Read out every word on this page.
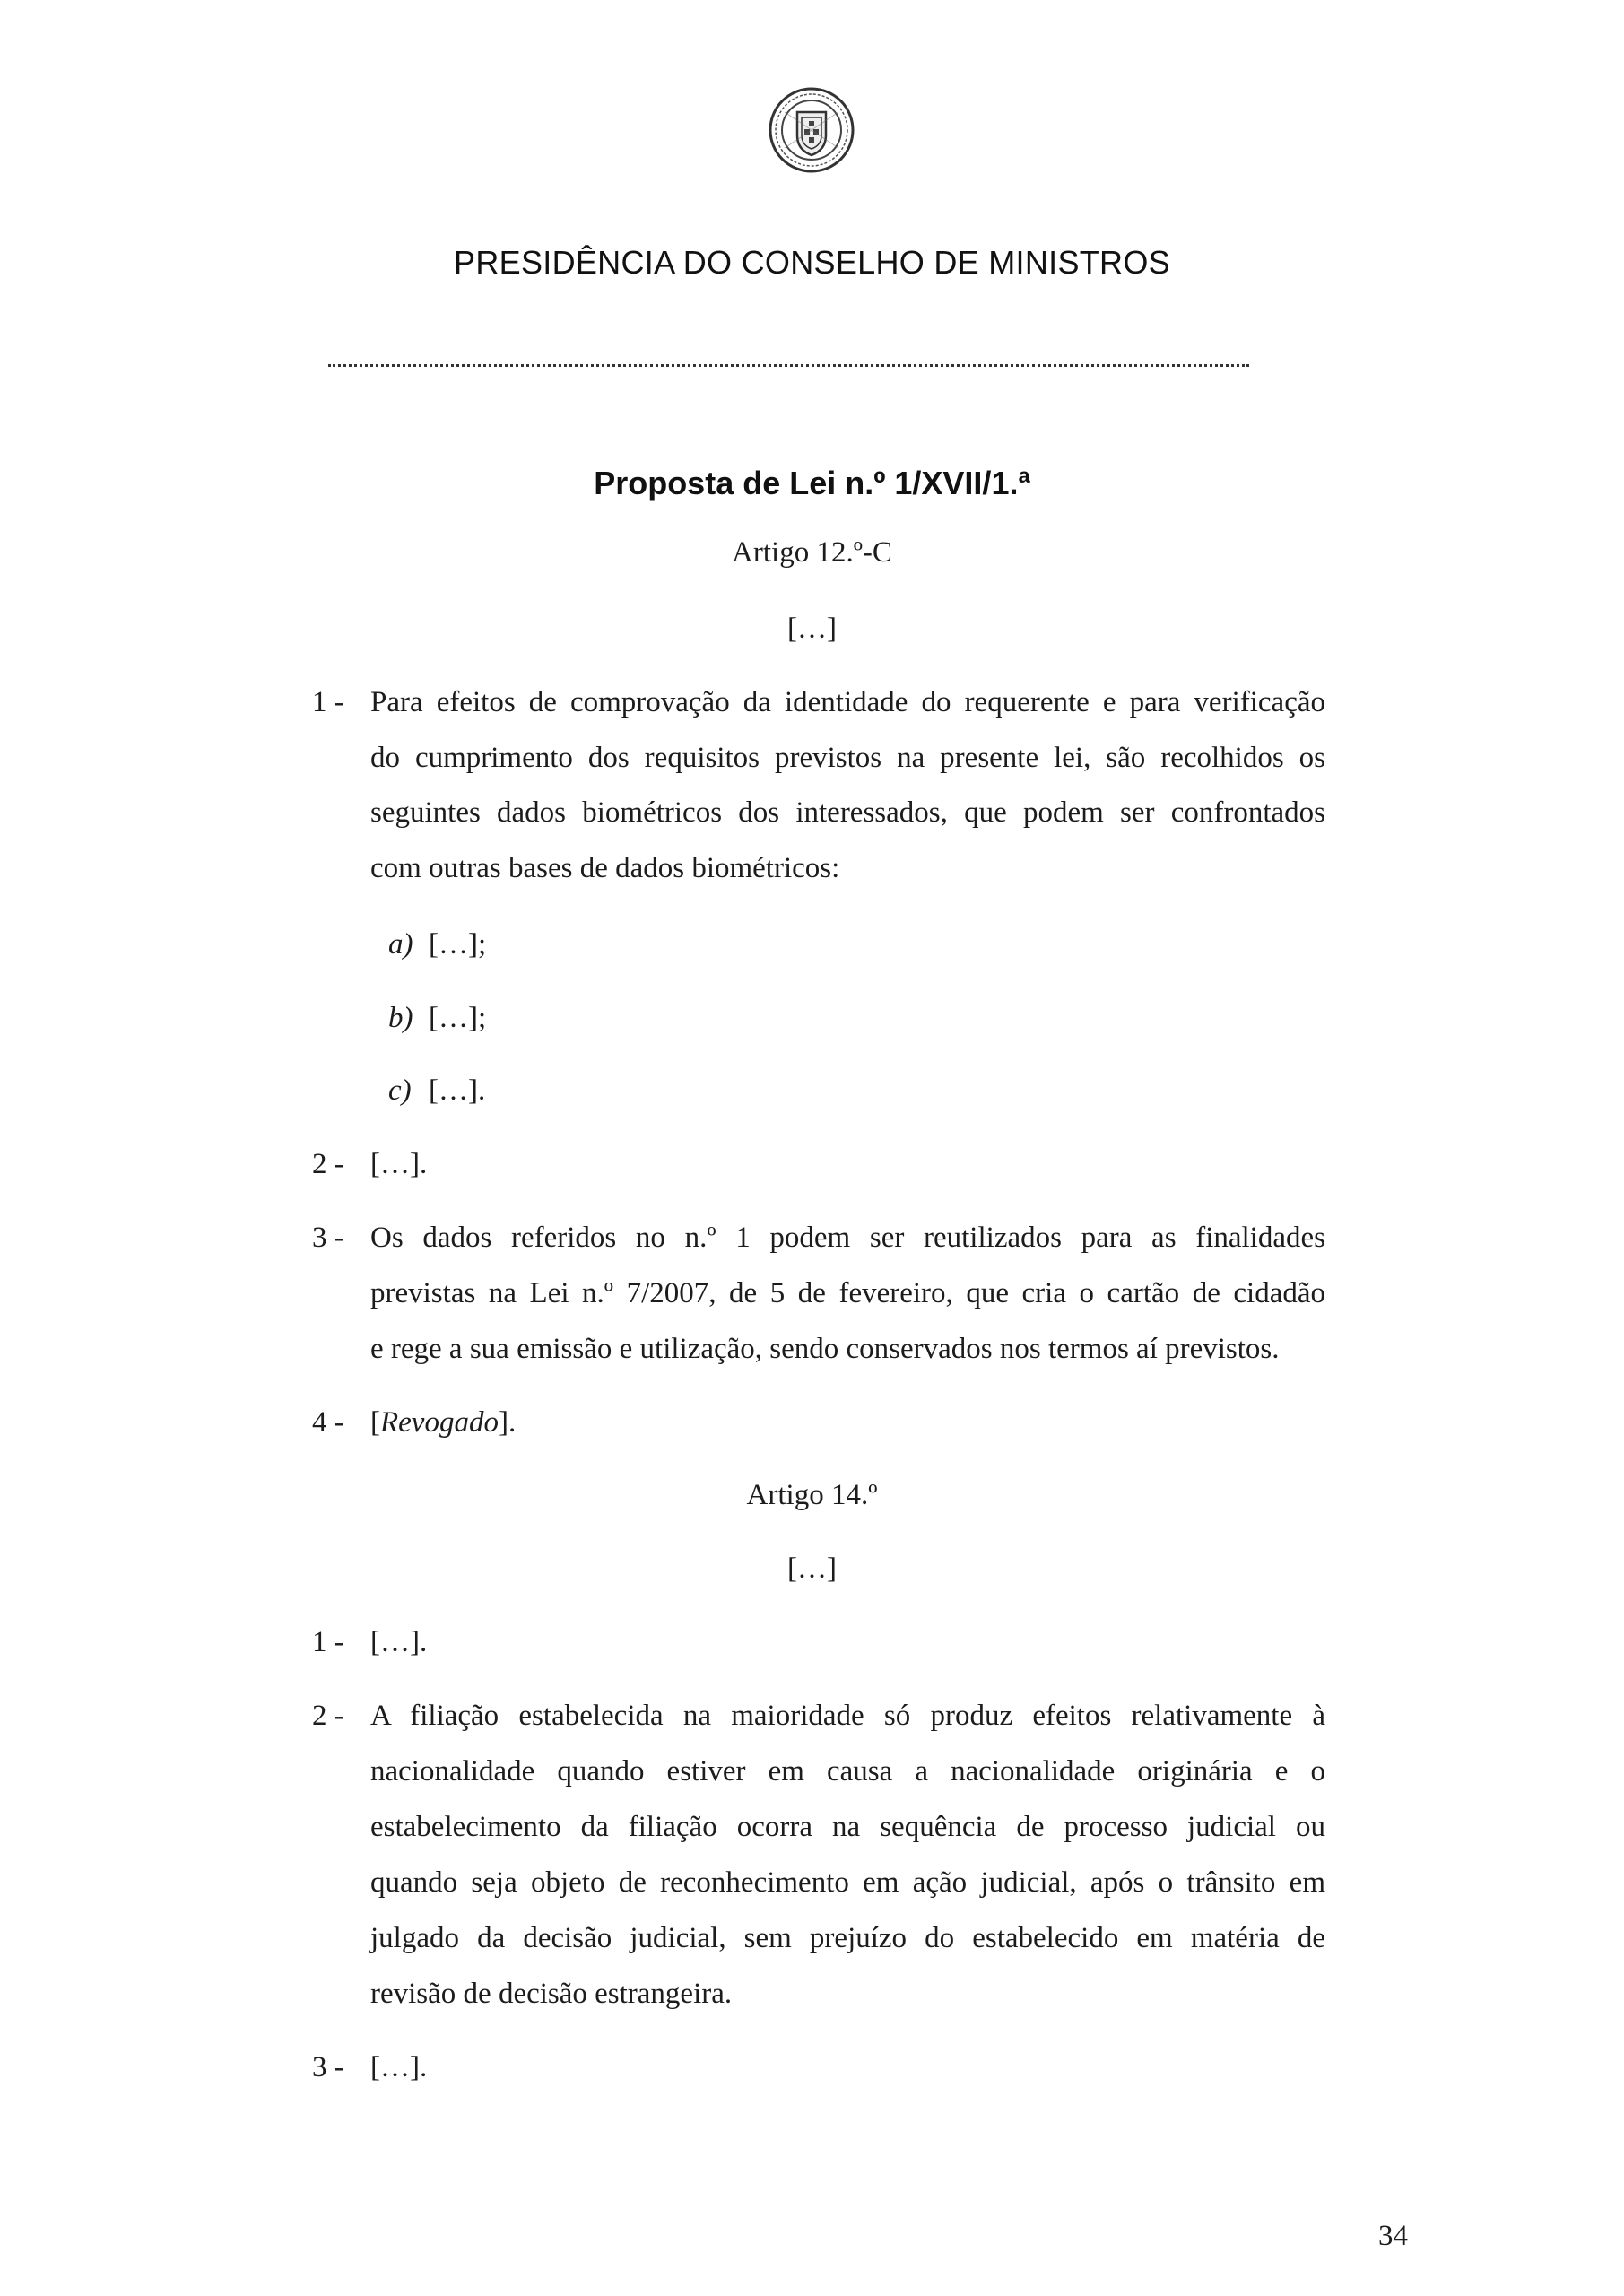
PRESIDÊNCIA DO CONSELHO DE MINISTROS
Proposta de Lei n.º 1/XVII/1.ª
Artigo 12.º-C
[…]
1 - Para efeitos de comprovação da identidade do requerente e para verificação
do cumprimento dos requisitos previstos na presente lei, são recolhidos os
seguintes dados biométricos dos interessados, que podem ser confrontados
com outras bases de dados biométricos:
a) […];
b) […];
c) […].
2 - […].
3 - Os dados referidos no n.º 1 podem ser reutilizados para as finalidades
previstas na Lei n.º 7/2007, de 5 de fevereiro, que cria o cartão de cidadão
e rege a sua emissão e utilização, sendo conservados nos termos aí previstos.
4 - [Revogado].
Artigo 14.º
[…]
1 - […].
2 - A filiação estabelecida na maioridade só produz efeitos relativamente à
nacionalidade quando estiver em causa a nacionalidade originária e o
estabelecimento da filiação ocorra na sequência de processo judicial ou
quando seja objeto de reconhecimento em ação judicial, após o trânsito em
julgado da decisão judicial, sem prejuízo do estabelecido em matéria de
revisão de decisão estrangeira.
3 - […].
34
